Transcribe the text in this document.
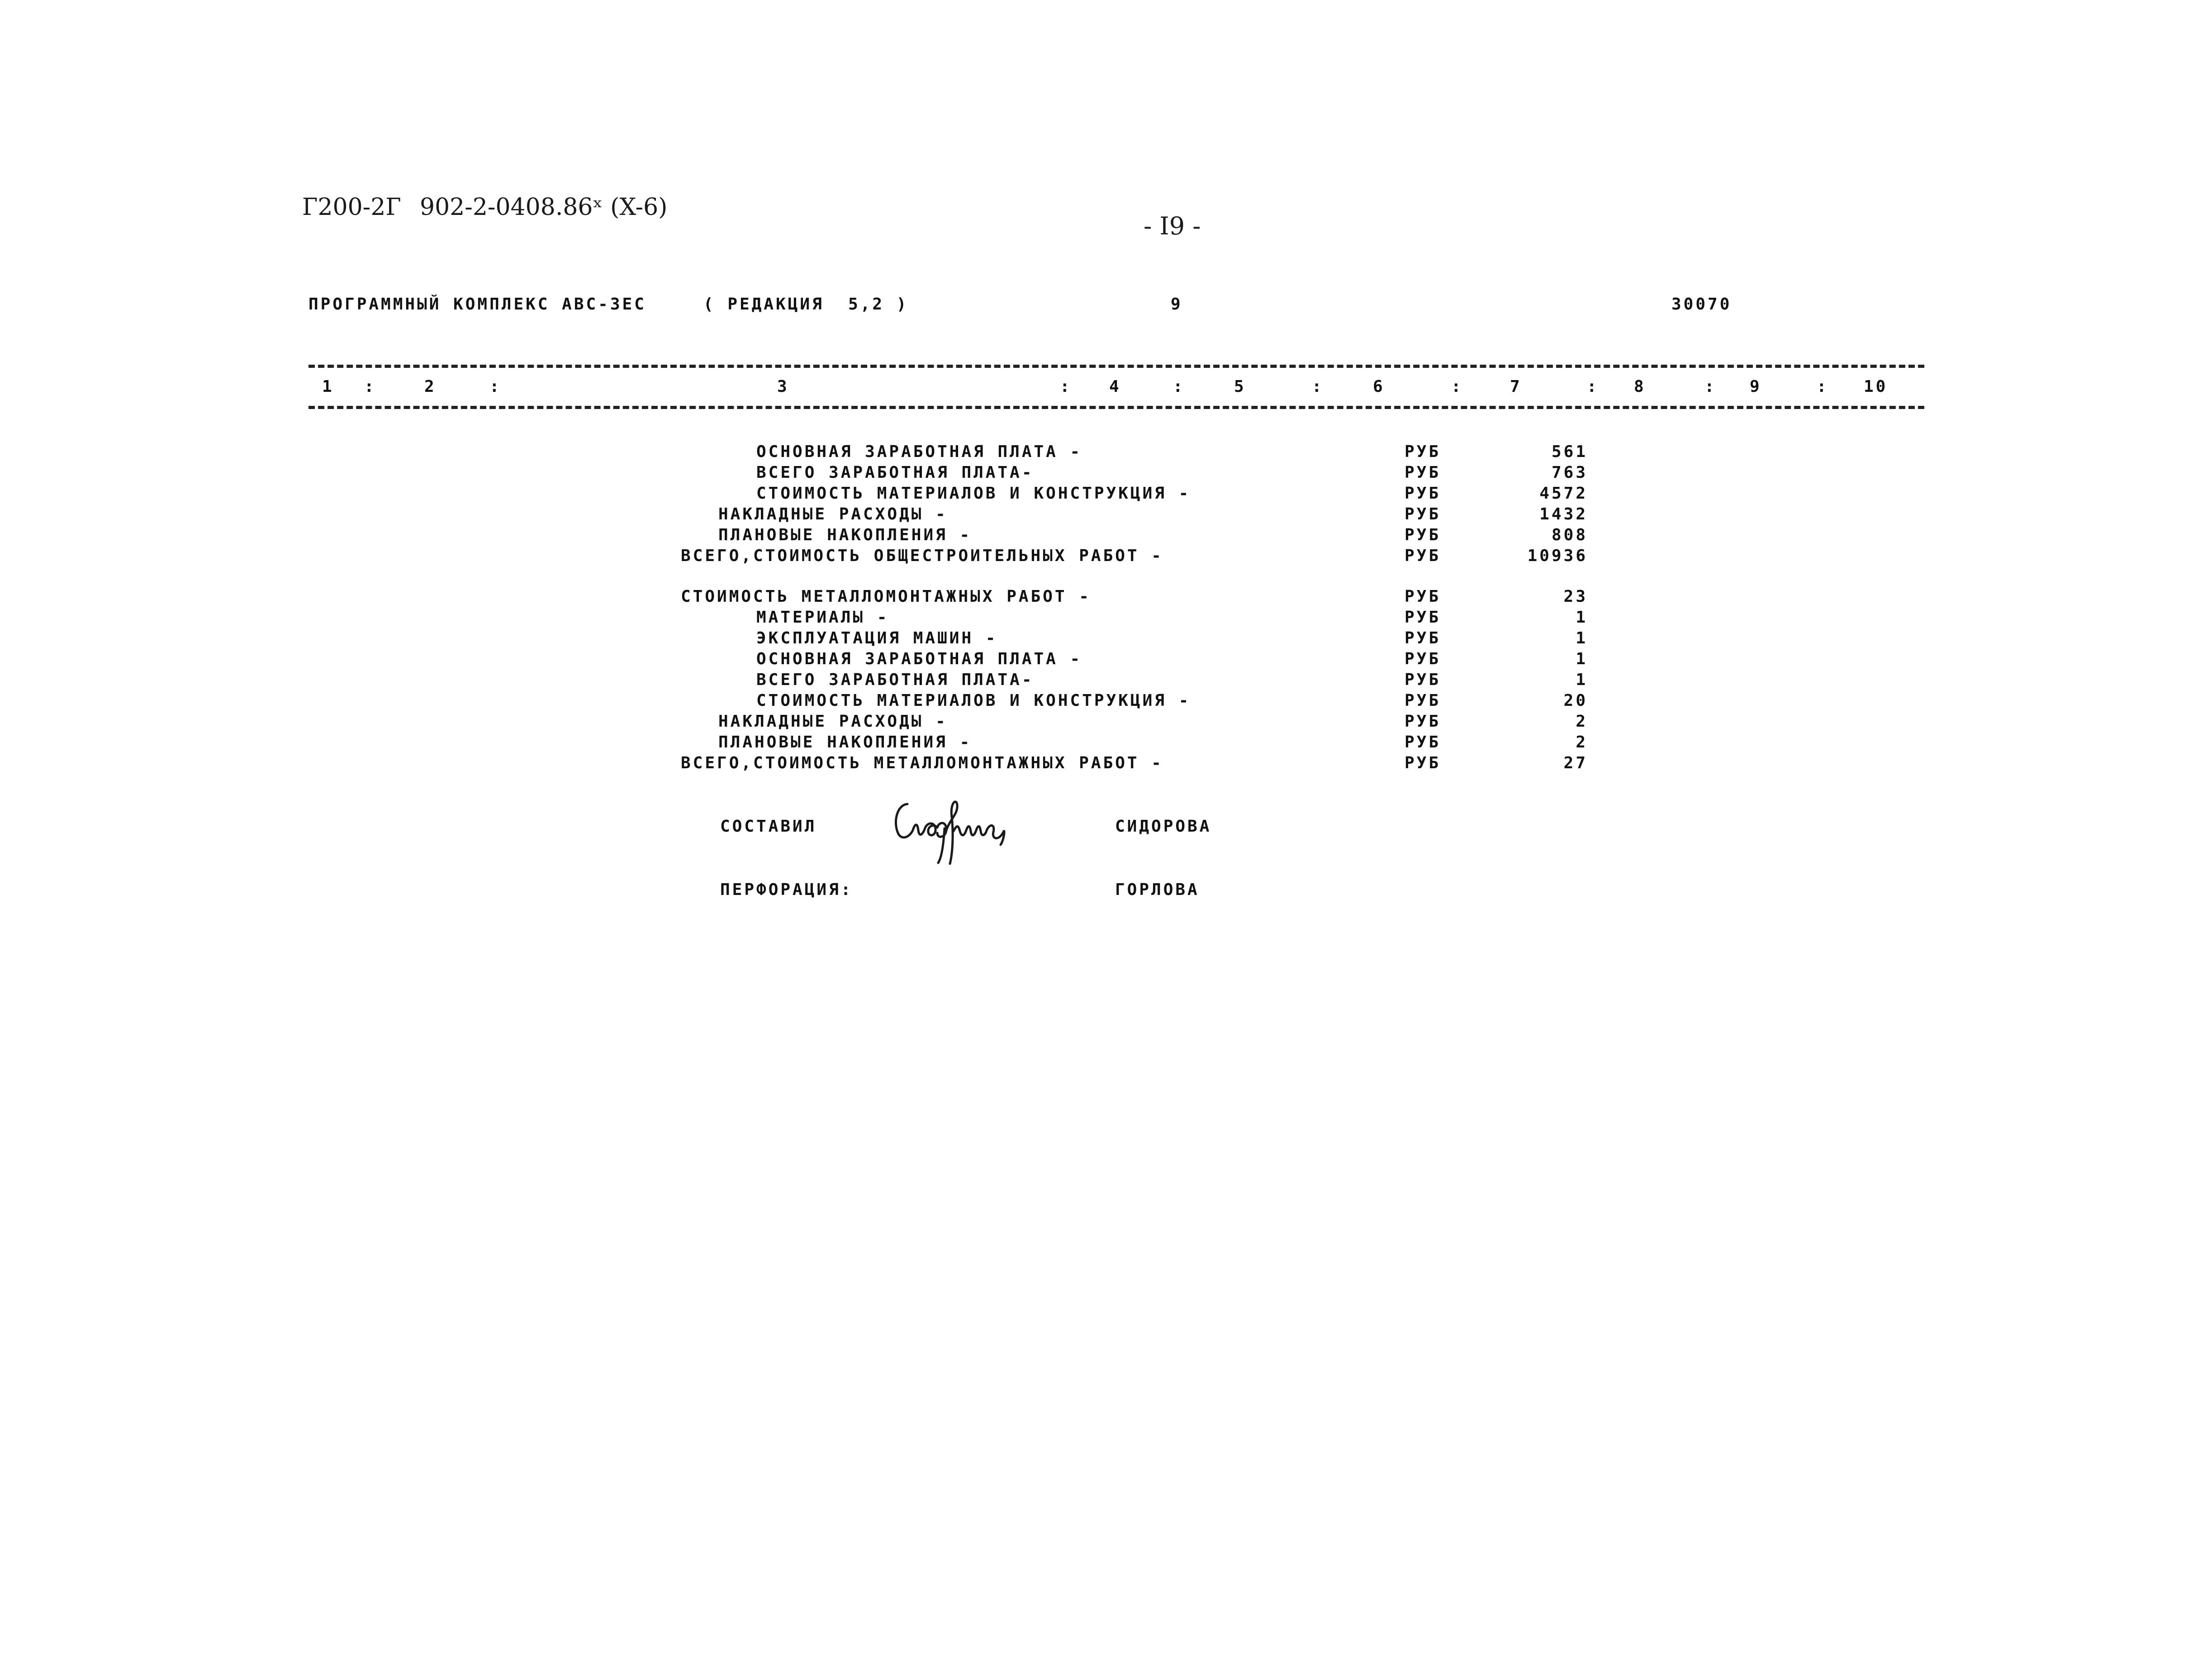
Г200-2Г 902-2-0408.86ˣ (X-6)
- I9 -
ПРОГРАММНЫЙ КОМПЛЕКС АВС-3ЕС	( РЕДАКЦИЯ  5,2 )	9	30070
1	2	3	4	5	6	7	8	9	10
:	:	:	:	:	:	:	:	:
ОСНОВНАЯ ЗАРАБОТНАЯ ПЛАТА -	РУБ	561
ВСЕГО ЗАРАБОТНАЯ ПЛАТА-	РУБ	763
СТОИМОСТЬ МАТЕРИАЛОВ И КОНСТРУКЦИЯ -	РУБ	4572
НАКЛАДНЫЕ РАСХОДЫ -	РУБ	1432
ПЛАНОВЫЕ НАКОПЛЕНИЯ -	РУБ	808
ВСЕГО,СТОИМОСТЬ ОБЩЕСТРОИТЕЛЬНЫХ РАБОТ -	РУБ	10936
СТОИМОСТЬ МЕТАЛЛОМОНТАЖНЫХ РАБОТ -	РУБ	23
МАТЕРИАЛЫ -	РУБ	1
ЭКСПЛУАТАЦИЯ МАШИН -	РУБ	1
ОСНОВНАЯ ЗАРАБОТНАЯ ПЛАТА -	РУБ	1
ВСЕГО ЗАРАБОТНАЯ ПЛАТА-	РУБ	1
СТОИМОСТЬ МАТЕРИАЛОВ И КОНСТРУКЦИЯ -	РУБ	20
НАКЛАДНЫЕ РАСХОДЫ -	РУБ	2
ПЛАНОВЫЕ НАКОПЛЕНИЯ -	РУБ	2
ВСЕГО,СТОИМОСТЬ МЕТАЛЛОМОНТАЖНЫХ РАБОТ -	РУБ	27
СОСТАВИЛ	СИДОРОВА
ПЕРФОРАЦИЯ:	ГОРЛОВА
